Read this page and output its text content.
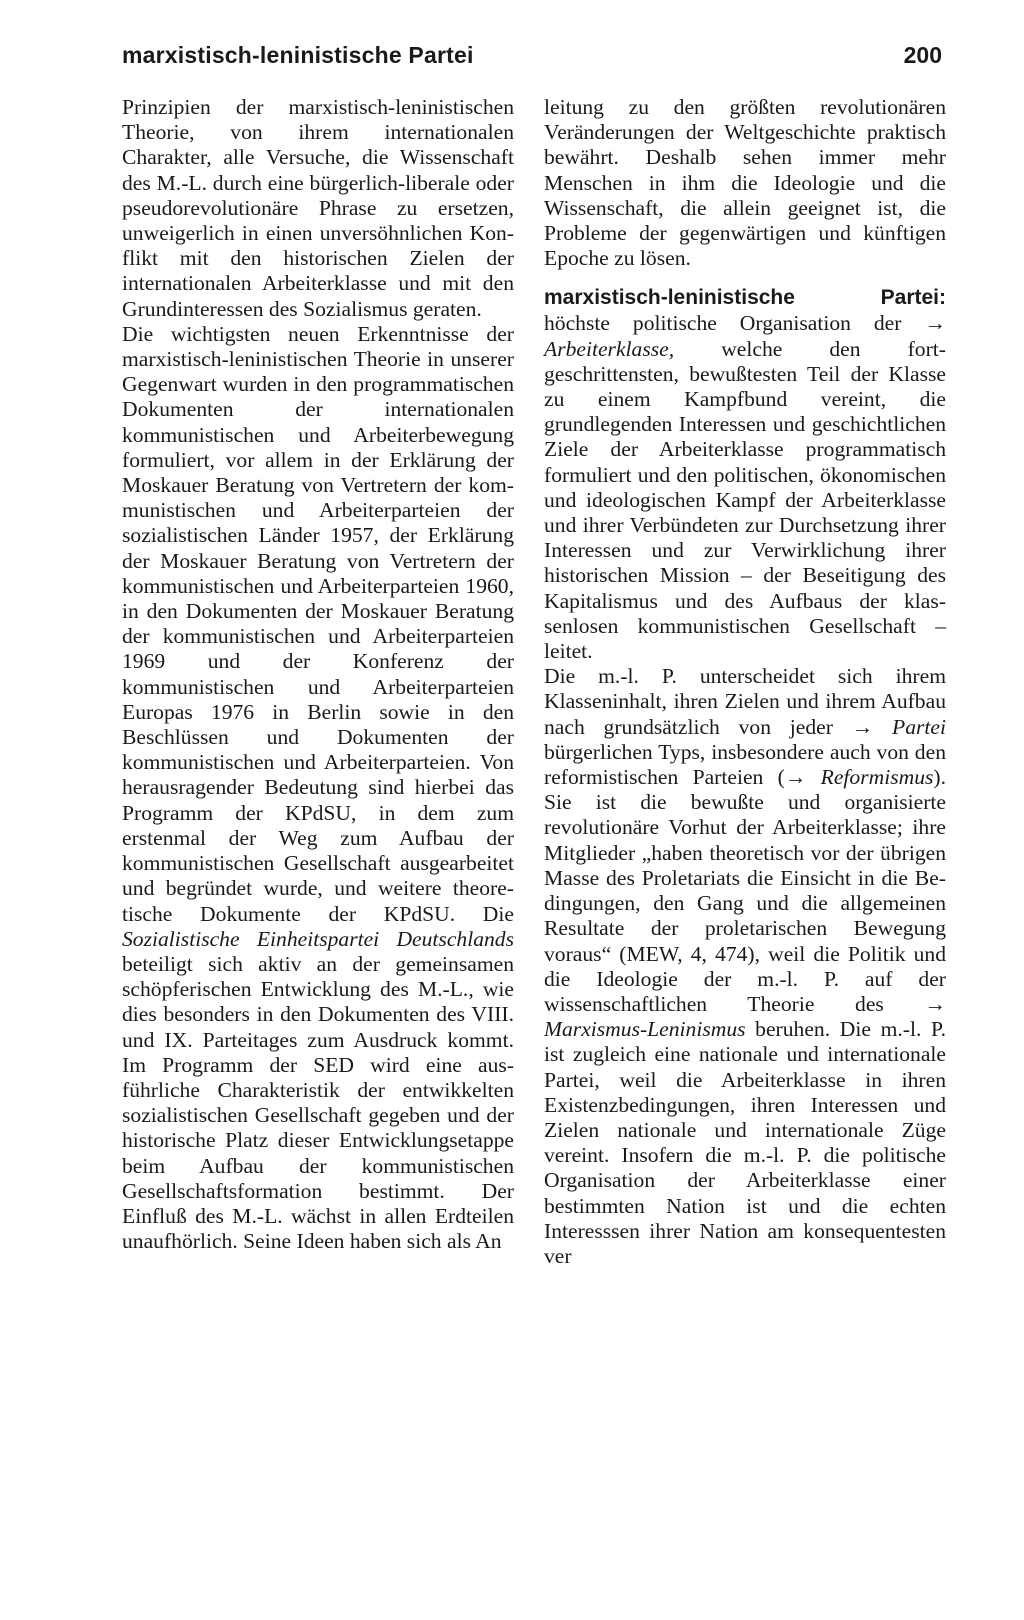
marxistisch-leninistische Partei	200

Prinzipien der marxistisch-leninistischen Theorie, von ihrem internationalen Charakter, alle Versuche, die Wissenschaft des M.-L. durch eine bürgerlich-liberale oder pseudorevolutionäre Phrase zu ersetzen, unweigerlich in einen unversöhnlichen Konflikt mit den historischen Zielen der internationalen Arbeiterklasse und mit den Grundinteressen des Sozialismus geraten.

Die wichtigsten neuen Erkenntnisse der marxistisch-leninistischen Theorie in unserer Gegenwart wurden in den programmatischen Dokumenten der internationalen kommunistischen und Arbeiterbewegung formuliert, vor allem in der Erklärung der Moskauer Beratung von Vertretern der kommunistischen und Arbeiterparteien der sozialistischen Länder 1957, der Erklärung der Moskauer Beratung von Vertretern der kommunistischen und Arbeiterparteien 1960, in den Dokumenten der Moskauer Beratung der kommunistischen und Arbeiterparteien 1969 und der Konferenz der kommunistischen und Arbeiterparteien Europas 1976 in Berlin sowie in den Beschlüssen und Dokumenten der kommunistischen und Arbeiterparteien. Von herausragender Bedeutung sind hierbei das Programm der KPdSU, in dem zum erstenmal der Weg zum Aufbau der kommunistischen Gesellschaft ausgearbeitet und begründet wurde, und weitere theoretische Dokumente der KPdSU. Die Sozialistische Einheitspartei Deutschlands beteiligt sich aktiv an der gemeinsamen schöpferischen Entwicklung des M.-L., wie dies besonders in den Dokumenten des VIII. und IX. Parteitages zum Ausdruck kommt. Im Programm der SED wird eine ausführliche Charakteristik der entwikkelten sozialistischen Gesellschaft gegeben und der historische Platz dieser Entwicklungsetappe beim Aufbau der kommunistischen Gesellschaftsformation bestimmt. Der Einfluß des M.-L. wächst in allen Erdteilen unaufhörlich. Seine Ideen haben sich als An

leitung zu den größten revolutionären Veränderungen der Weltgeschichte praktisch bewährt. Deshalb sehen immer mehr Menschen in ihm die Ideologie und die Wissenschaft, die allein geeignet ist, die Probleme der gegenwärtigen und künftigen Epoche zu lösen.

marxistisch-leninistische	Partei:

höchste politische Organisation der → Arbeiterklasse, welche den fortgeschrittensten, bewußtesten Teil der Klasse zu einem Kampfbund vereint, die grundlegenden Interessen und geschichtlichen Ziele der Arbeiterklasse programmatisch formuliert und den politischen, ökonomischen und ideologischen Kampf der Arbeiterklasse und ihrer Verbündeten zur Durchsetzung ihrer Interessen und zur Verwirklichung ihrer historischen Mission – der Beseitigung des Kapitalismus und des Aufbaus der klassenlosen kommunistischen Gesellschaft – leitet.

Die m.-l. P. unterscheidet sich ihrem Klasseninhalt, ihren Zielen und ihrem Aufbau nach grundsätzlich von jeder → Partei bürgerlichen Typs, insbesondere auch von den reformistischen Parteien (→ Reformismus). Sie ist die bewußte und organisierte revolutionäre Vorhut der Arbeiterklasse; ihre Mitglieder „haben theoretisch vor der übrigen Masse des Proletariats die Einsicht in die Bedingungen, den Gang und die allgemeinen Resultate der proletarischen Bewegung voraus“ (MEW, 4, 474), weil die Politik und die Ideologie der m.-l. P. auf der wissenschaftlichen Theorie des → Marxismus-Leninismus beruhen. Die m.-l. P. ist zugleich eine nationale und internationale Partei, weil die Arbeiterklasse in ihren Existenzbedingungen, ihren Interessen und Zielen nationale und internationale Züge vereint. Insofern die m.-l. P. die politische Organisation der Arbeiterklasse einer bestimmten Nation ist und die echten Interesssen ihrer Nation am konsequentesten ver
